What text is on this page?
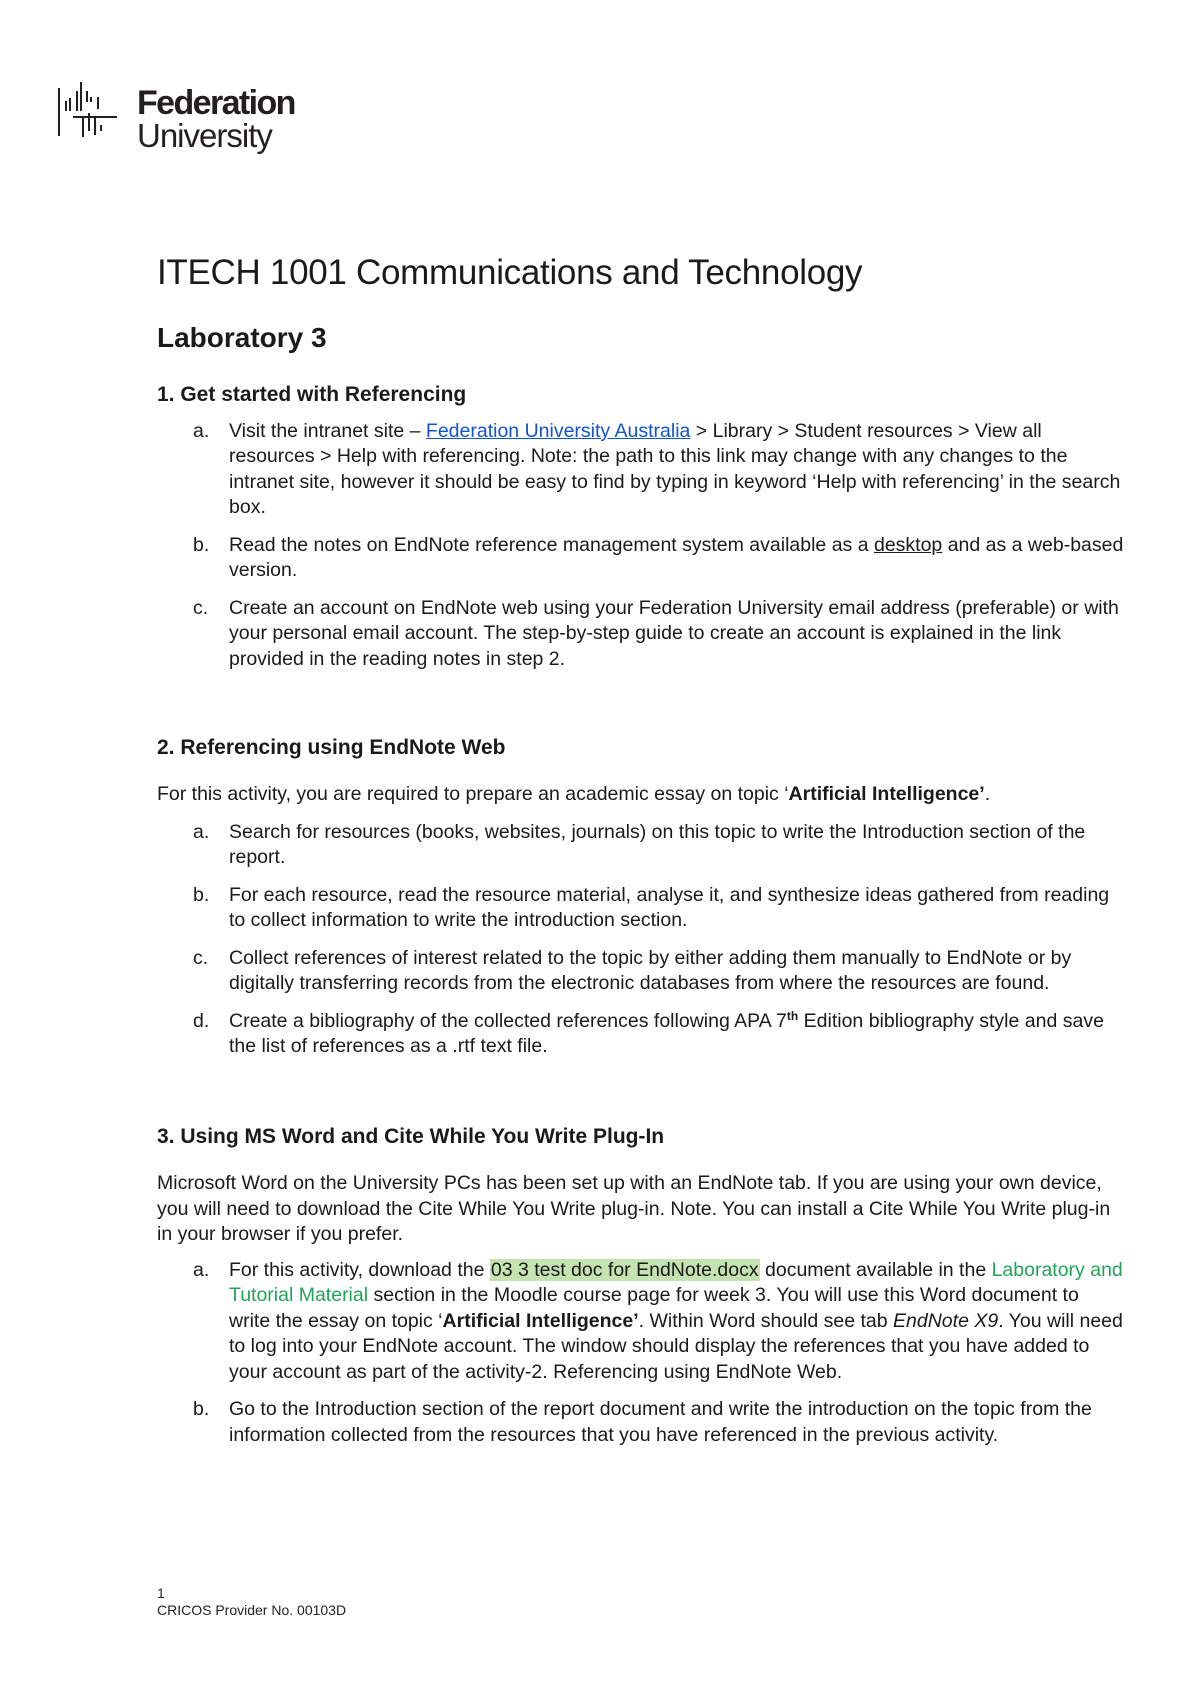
Federation
University
ITECH 1001 Communications and Technology
Laboratory 3
1. Get started with Referencing
a. Visit the intranet site – Federation University Australia > Library > Student resources > View all resources > Help with referencing. Note: the path to this link may change with any changes to the intranet site, however it should be easy to find by typing in keyword ‘Help with referencing’ in the search box.
b. Read the notes on EndNote reference management system available as a desktop and as a web-based version.
c. Create an account on EndNote web using your Federation University email address (preferable) or with your personal email account. The step-by-step guide to create an account is explained in the link provided in the reading notes in step 2.
2. Referencing using EndNote Web

For this activity, you are required to prepare an academic essay on topic ‘Artificial Intelligence’.

a. Search for resources (books, websites, journals) on this topic to write the Introduction section of the report.
b. For each resource, read the resource material, analyse it, and synthesize ideas gathered from reading to collect information to write the introduction section.
c. Collect references of interest related to the topic by either adding them manually to EndNote or by digitally transferring records from the electronic databases from where the resources are found.
d. Create a bibliography of the collected references following APA 7th Edition bibliography style and save the list of references as a .rtf text file.
3. Using MS Word and Cite While You Write Plug-In

Microsoft Word on the University PCs has been set up with an EndNote tab. If you are using your own device, you will need to download the Cite While You Write plug-in. Note. You can install a Cite While You Write plug-in in your browser if you prefer.

a. For this activity, download the 03 3 test doc for EndNote.docx document available in the Laboratory and Tutorial Material section in the Moodle course page for week 3. You will use this Word document to write the essay on topic ‘Artificial Intelligence’. Within Word should see tab EndNote X9. You will need to log into your EndNote account. The window should display the references that you have added to your account as part of the activity-2. Referencing using EndNote Web.
b. Go to the Introduction section of the report document and write the introduction on the topic from the information collected from the resources that you have referenced in the previous activity.
1
CRICOS Provider No. 00103D
